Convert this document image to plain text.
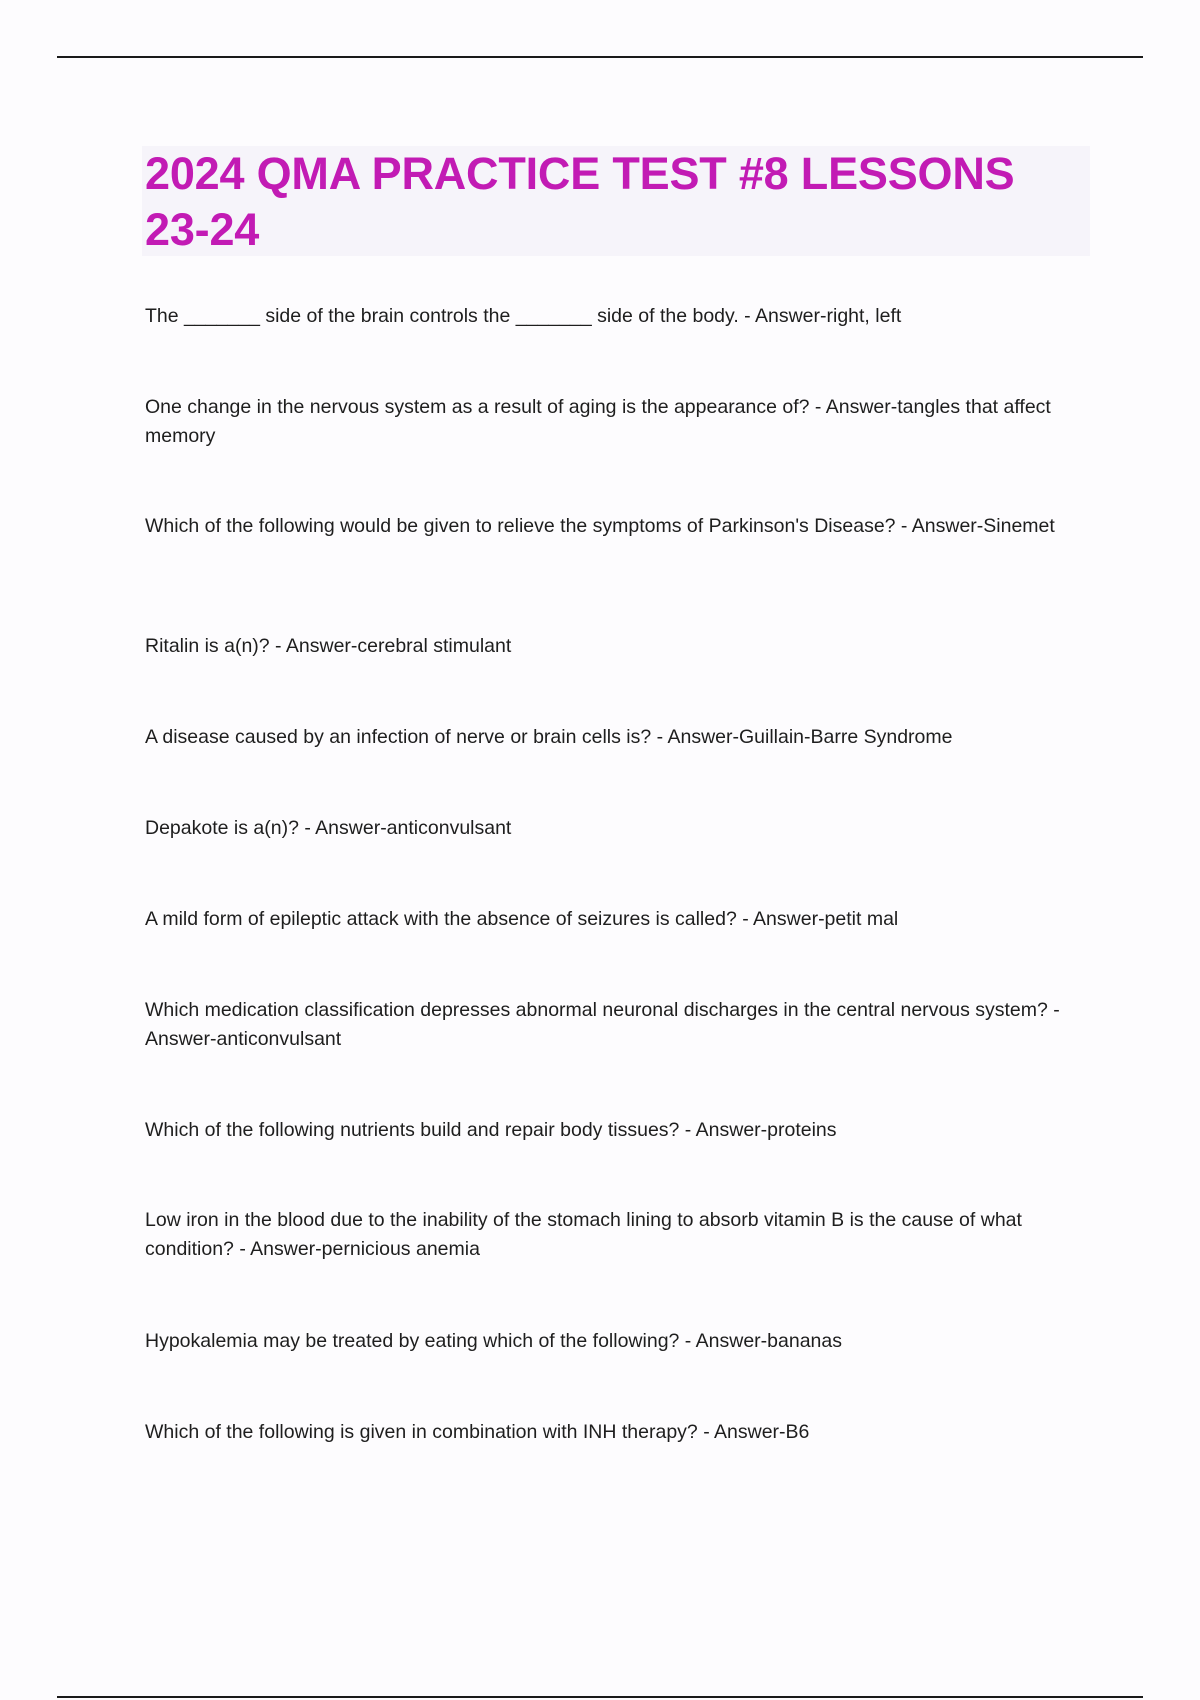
2024 QMA PRACTICE TEST #8 LESSONS 23-24
The _______ side of the brain controls the _______ side of the body. - Answer-right, left
One change in the nervous system as a result of aging is the appearance of? - Answer-tangles that affect memory
Which of the following would be given to relieve the symptoms of Parkinson's Disease? - Answer-Sinemet
Ritalin is a(n)? - Answer-cerebral stimulant
A disease caused by an infection of nerve or brain cells is? - Answer-Guillain-Barre Syndrome
Depakote is a(n)? - Answer-anticonvulsant
A mild form of epileptic attack with the absence of seizures is called? - Answer-petit mal
Which medication classification depresses abnormal neuronal discharges in the central nervous system? - Answer-anticonvulsant
Which of the following nutrients build and repair body tissues? - Answer-proteins
Low iron in the blood due to the inability of the stomach lining to absorb vitamin B is the cause of what condition? - Answer-pernicious anemia
Hypokalemia may be treated by eating which of the following? - Answer-bananas
Which of the following is given in combination with INH therapy? - Answer-B6
